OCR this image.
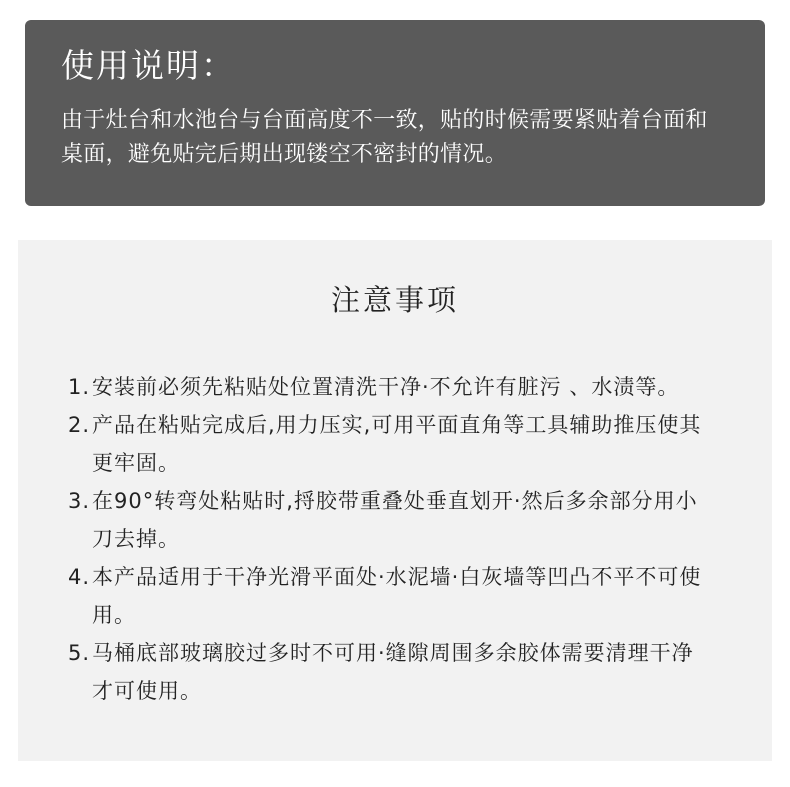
使用说明：
由于灶台和水池台与台面高度不一致，贴的时候需要紧贴着台面和桌面，避免贴完后期出现镂空不密封的情况。
注意事项
1. 安装前必须先粘贴处位置清洗干净·不允许有脏污 、水渍等。
2. 产品在粘贴完成后,用力压实,可用平面直角等工具辅助推压使其更牢固。
3. 在90°转弯处粘贴时,捋胶带重叠处垂直划开·然后多余部分用小刀去掉。
4. 本产品适用于干净光滑平面处·水泥墙·白灰墙等凹凸不平不可使用。
5. 马桶底部玻璃胶过多时不可用·缝隙周围多余胶体需要清理干净才可使用。
